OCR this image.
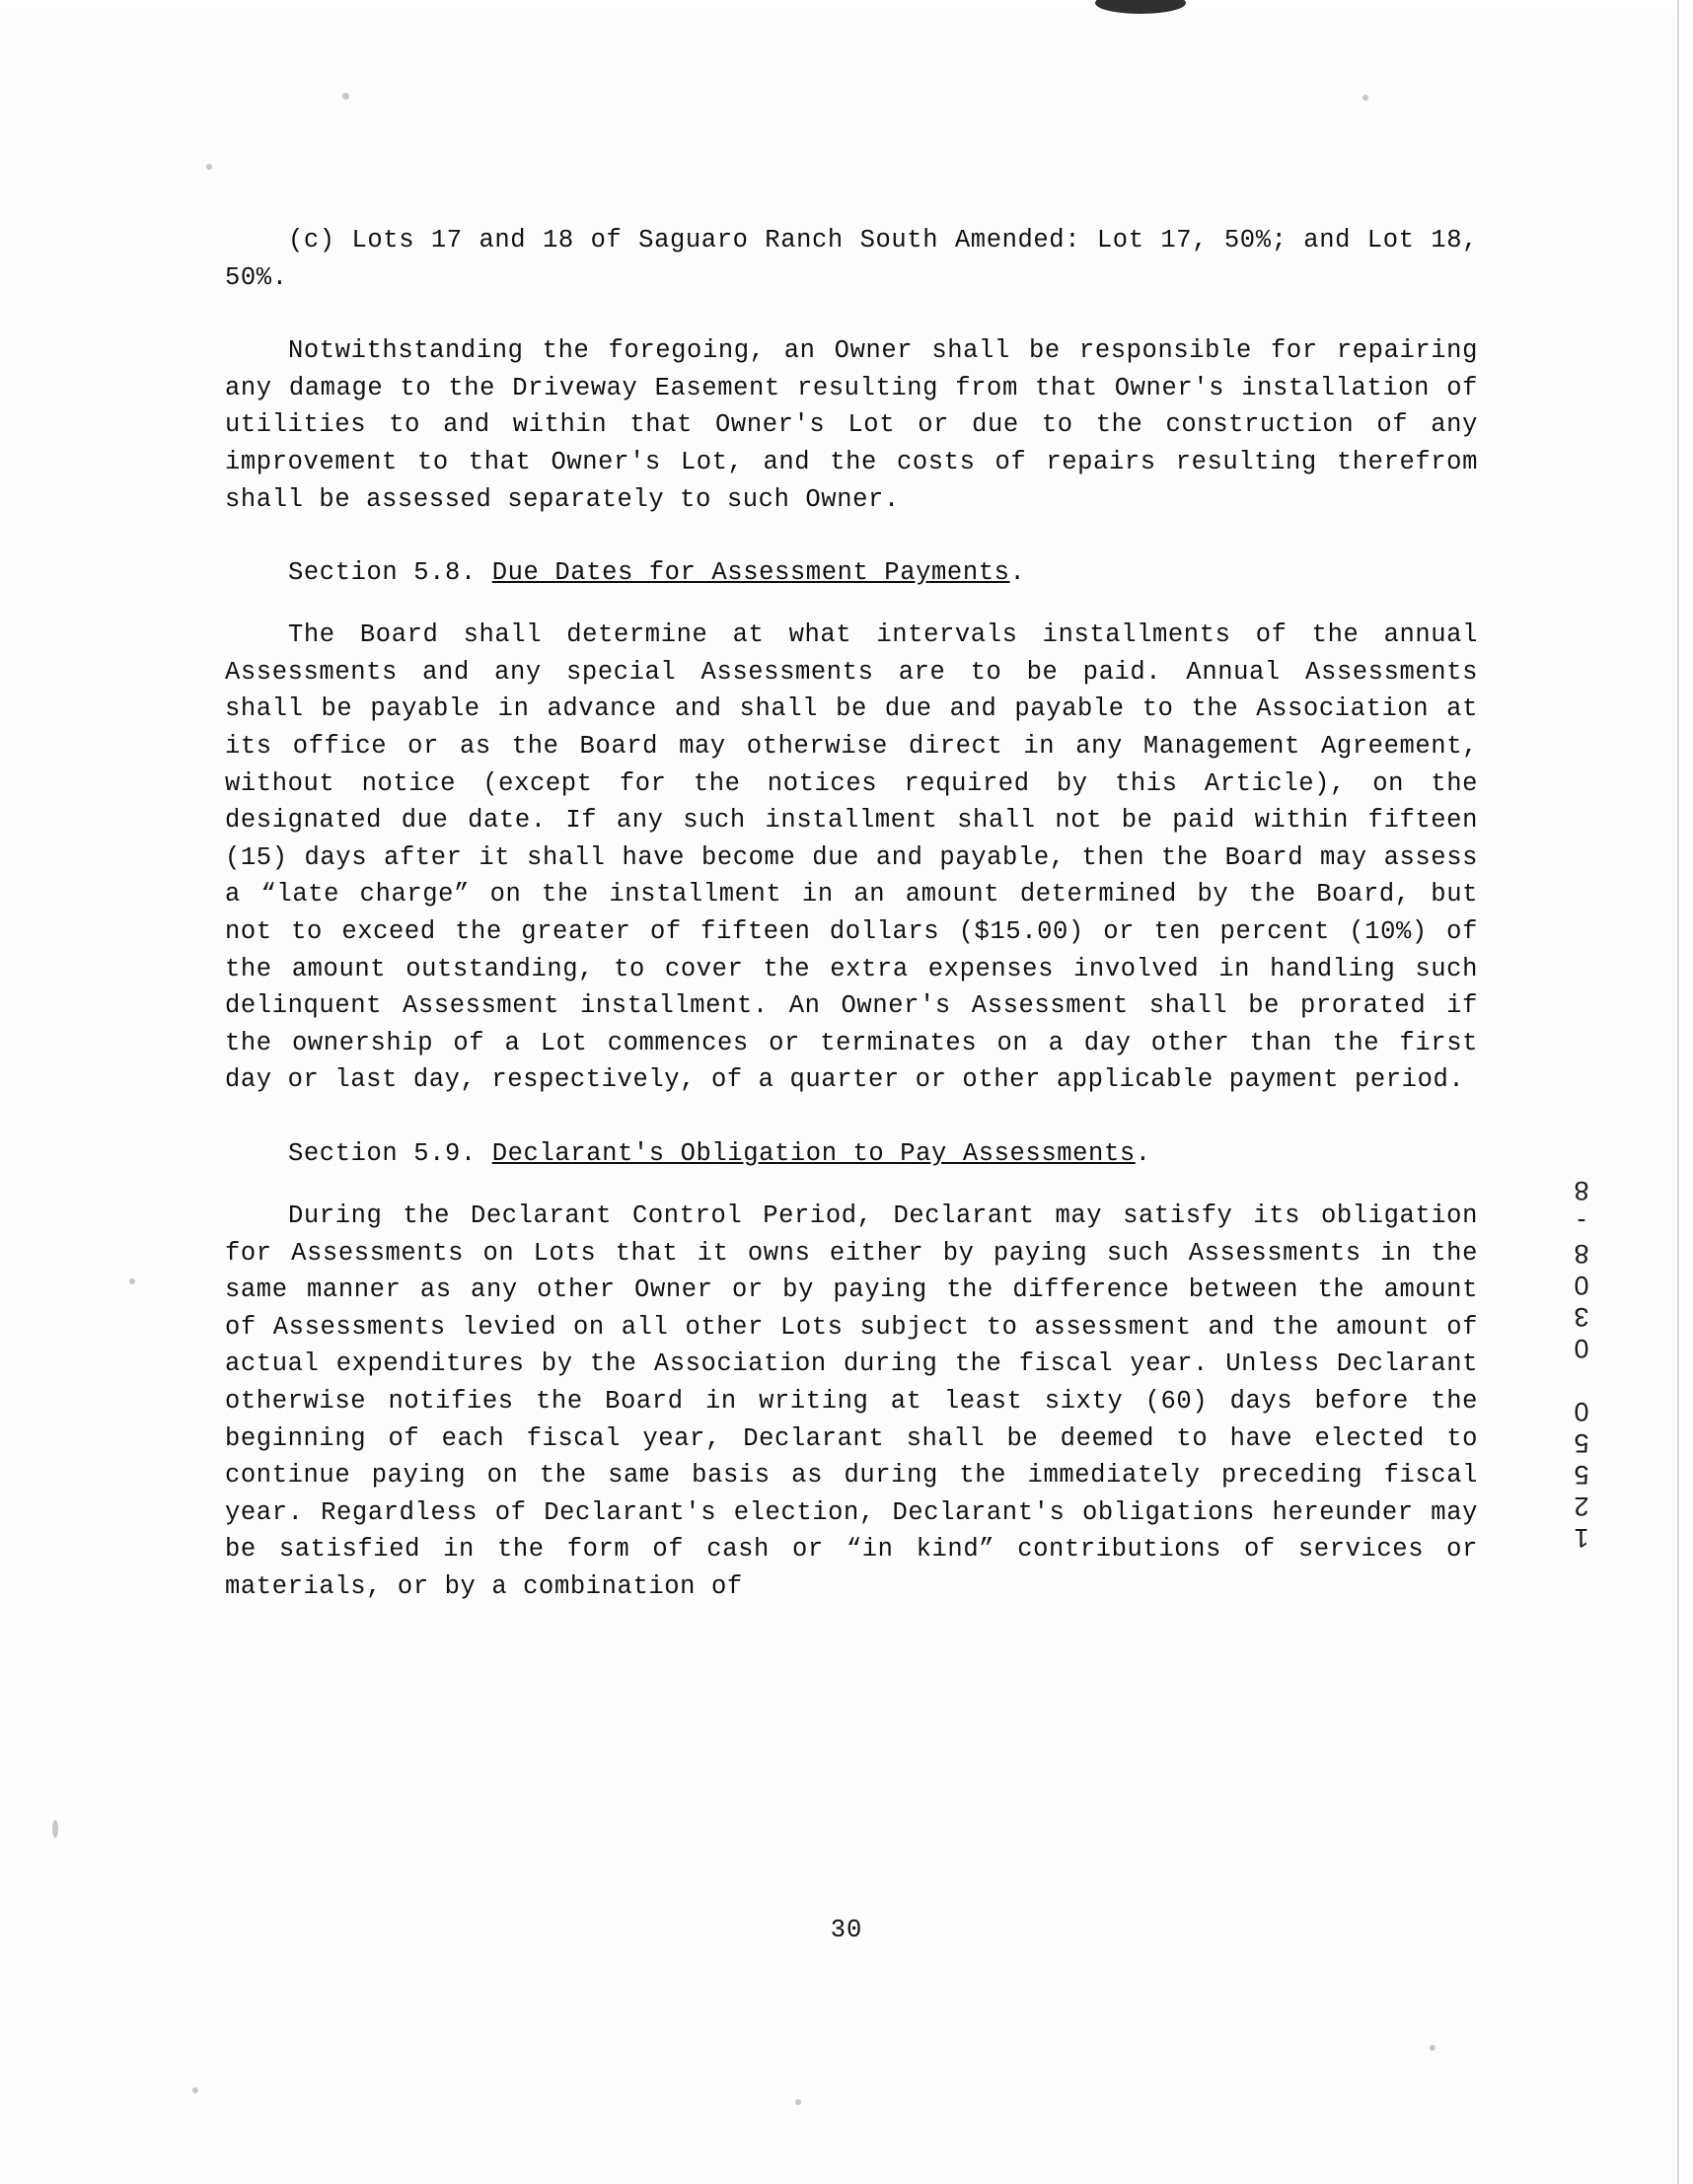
(c) Lots 17 and 18 of Saguaro Ranch South Amended: Lot 17, 50%; and Lot 18, 50%.

Notwithstanding the foregoing, an Owner shall be responsible for repairing any damage to the Driveway Easement resulting from that Owner's installation of utilities to and within that Owner's Lot or due to the construction of any improvement to that Owner's Lot, and the costs of repairs resulting therefrom shall be assessed separately to such Owner.

Section 5.8. Due Dates for Assessment Payments.

The Board shall determine at what intervals installments of the annual Assessments and any special Assessments are to be paid. Annual Assessments shall be payable in advance and shall be due and payable to the Association at its office or as the Board may otherwise direct in any Management Agreement, without notice (except for the notices required by this Article), on the designated due date. If any such installment shall not be paid within fifteen (15) days after it shall have become due and payable, then the Board may assess a “late charge” on the installment in an amount determined by the Board, but not to exceed the greater of fifteen dollars ($15.00) or ten percent (10%) of the amount outstanding, to cover the extra expenses involved in handling such delinquent Assessment installment. An Owner's Assessment shall be prorated if the ownership of a Lot commences or terminates on a day other than the first day or last day, respectively, of a quarter or other applicable payment period.

Section 5.9. Declarant's Obligation to Pay Assessments.

During the Declarant Control Period, Declarant may satisfy its obligation for Assessments on Lots that it owns either by paying such Assessments in the same manner as any other Owner or by paying the difference between the amount of Assessments levied on all other Lots subject to assessment and the amount of actual expenditures by the Association during the fiscal year. Unless Declarant otherwise notifies the Board in writing at least sixty (60) days before the beginning of each fiscal year, Declarant shall be deemed to have elected to continue paying on the same basis as during the immediately preceding fiscal year. Regardless of Declarant's election, Declarant's obligations hereunder may be satisfied in the form of cash or “in kind” contributions of services or materials, or by a combination of

12550 0308-8
30
